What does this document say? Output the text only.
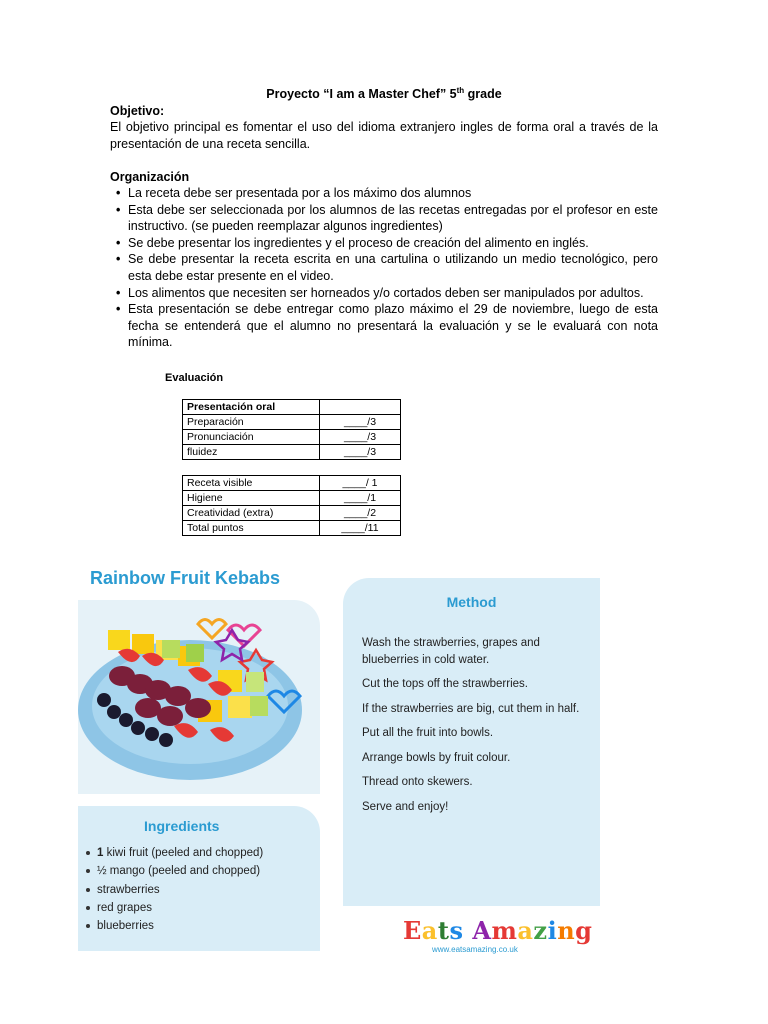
Proyecto “I am a Master Chef” 5th grade
Objetivo:
El objetivo principal es fomentar el uso del idioma extranjero ingles de forma oral a través de la presentación de una receta sencilla.
Organización
• La receta debe ser presentada por a los máximo dos alumnos
• Esta debe ser seleccionada por los alumnos de las recetas entregadas por el profesor en este instructivo. (se pueden reemplazar algunos ingredientes)
• Se debe presentar los ingredientes y el proceso de creación del alimento en inglés.
• Se debe presentar la receta escrita en una cartulina o utilizando un medio tecnológico, pero esta debe estar presente en el video.
• Los alimentos que necesiten ser horneados y/o cortados deben ser manipulados por adultos.
• Esta presentación se debe entregar como plazo máximo el 29 de noviembre, luego de esta fecha se entenderá que el alumno no presentará la evaluación y se le evaluará con nota mínima.
Evaluación
Presentación oral	
Preparación	____/3
Pronunciación	____/3
fluidez	____/3
Receta visible	____/ 1
Higiene	____/1
Creatividad (extra)	____/2
Total puntos	____/11
Rainbow Fruit Kebabs
Method
Wash the strawberries, grapes and blueberries in cold water.
Cut the tops off the strawberries.
If the strawberries are big, cut them in half.
Put all the fruit into bowls.
Arrange bowls by fruit colour.
Thread onto skewers.
Serve and enjoy!
Ingredients
1 kiwi fruit (peeled and chopped)
½ mango (peeled and chopped)
strawberries
red grapes
blueberries	Eats Amazing
www.eatsamazing.co.uk
